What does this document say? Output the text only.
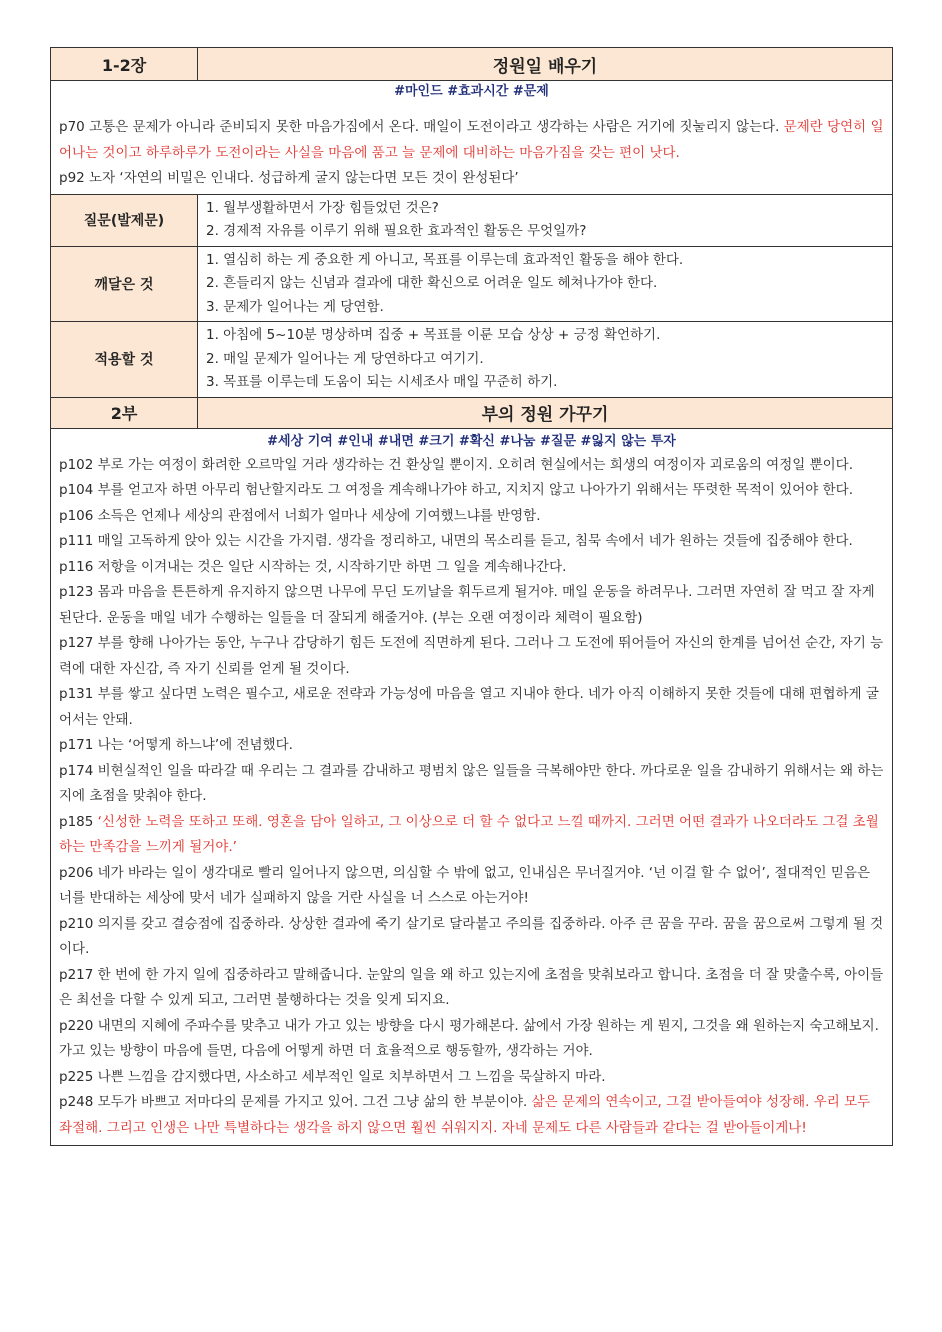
1-2장	정원일 배우기
#마인드 #효과시간 #문제
p70 고통은 문제가 아니라 준비되지 못한 마음가짐에서 온다. 매일이 도전이라고 생각하는 사람은 거기에 짓눌리지 않는다. 문제란 당연히 일어나는 것이고 하루하루가 도전이라는 사실을 마음에 품고 늘 문제에 대비하는 마음가짐을 갖는 편이 낫다.
p92 노자 ‘자연의 비밀은 인내다. 성급하게 굴지 않는다면 모든 것이 완성된다’
질문(발제문)
1. 월부생활하면서 가장 힘들었던 것은?
2. 경제적 자유를 이루기 위해 필요한 효과적인 활동은 무엇일까?
깨달은 것
1. 열심히 하는 게 중요한 게 아니고, 목표를 이루는데 효과적인 활동을 해야 한다.
2. 흔들리지 않는 신념과 결과에 대한 확신으로 어려운 일도 헤쳐나가야 한다.
3. 문제가 일어나는 게 당연함.
적용할 것
1. 아침에 5~10분 명상하며 집중 + 목표를 이룬 모습 상상 + 긍정 확언하기.
2. 매일 문제가 일어나는 게 당연하다고 여기기.
3. 목표를 이루는데 도움이 되는 시세조사 매일 꾸준히 하기.
2부	부의 정원 가꾸기
#세상 기여 #인내 #내면 #크기 #확신 #나눔 #질문 #잃지 않는 투자
p102 부로 가는 여정이 화려한 오르막일 거라 생각하는 건 환상일 뿐이지. 오히려 현실에서는 희생의 여정이자 괴로움의 여정일 뿐이다.
p104 부를 얻고자 하면 아무리 험난할지라도 그 여정을 계속해나가야 하고, 지치지 않고 나아가기 위해서는 뚜렷한 목적이 있어야 한다.
p106 소득은 언제나 세상의 관점에서 너희가 얼마나 세상에 기여했느냐를 반영함.
p111 매일 고독하게 앉아 있는 시간을 가지렴. 생각을 정리하고, 내면의 목소리를 듣고, 침묵 속에서 네가 원하는 것들에 집중해야 한다.
p116 저항을 이겨내는 것은 일단 시작하는 것, 시작하기만 하면 그 일을 계속해나간다.
p123 몸과 마음을 튼튼하게 유지하지 않으면 나무에 무딘 도끼날을 휘두르게 될거야. 매일 운동을 하려무나. 그러면 자연히 잘 먹고 잘 자게 된단다. 운동을 매일 네가 수행하는 일들을 더 잘되게 해줄거야. (부는 오랜 여정이라 체력이 필요함)
p127 부를 향해 나아가는 동안, 누구나 감당하기 힘든 도전에 직면하게 된다. 그러나 그 도전에 뛰어들어 자신의 한계를 넘어선 순간, 자기 능력에 대한 자신감, 즉 자기 신뢰를 얻게 될 것이다.
p131 부를 쌓고 싶다면 노력은 필수고, 새로운 전략과 가능성에 마음을 열고 지내야 한다. 네가 아직 이해하지 못한 것들에 대해 편협하게 굴어서는 안돼.
p171 나는 ‘어떻게 하느냐’에 전념했다.
p174 비현실적인 일을 따라갈 때 우리는 그 결과를 감내하고 평범치 않은 일들을 극복해야만 한다. 까다로운 일을 감내하기 위해서는 왜 하는지에 초점을 맞춰야 한다.
p185 ‘신성한 노력을 또하고 또해. 영혼을 담아 일하고, 그 이상으로 더 할 수 없다고 느낄 때까지. 그러면 어떤 결과가 나오더라도 그걸 초월하는 만족감을 느끼게 될거야.’
p206 네가 바라는 일이 생각대로 빨리 일어나지 않으면, 의심할 수 밖에 없고, 인내심은 무너질거야. ‘넌 이걸 할 수 없어’, 절대적인 믿음은 너를 반대하는 세상에 맞서 네가 실패하지 않을 거란 사실을 너 스스로 아는거야!
p210 의지를 갖고 결승점에 집중하라. 상상한 결과에 죽기 살기로 달라붙고 주의를 집중하라. 아주 큰 꿈을 꾸라. 꿈을 꿈으로써 그렇게 될 것이다.
p217 한 번에 한 가지 일에 집중하라고 말해줍니다. 눈앞의 일을 왜 하고 있는지에 초점을 맞춰보라고 합니다. 초점을 더 잘 맞출수록, 아이들은 최선을 다할 수 있게 되고, 그러면 불행하다는 것을 잊게 되지요.
p220 내면의 지혜에 주파수를 맞추고 내가 가고 있는 방향을 다시 평가해본다. 삶에서 가장 원하는 게 뭔지, 그것을 왜 원하는지 숙고해보지. 가고 있는 방향이 마음에 들면, 다음에 어떻게 하면 더 효율적으로 행동할까, 생각하는 거야.
p225 나쁜 느낌을 감지했다면, 사소하고 세부적인 일로 치부하면서 그 느낌을 묵살하지 마라.
p248 모두가 바쁘고 저마다의 문제를 가지고 있어. 그건 그냥 삶의 한 부분이야. 삶은 문제의 연속이고, 그걸 받아들여야 성장해. 우리 모두 좌절해. 그리고 인생은 나만 특별하다는 생각을 하지 않으면 훨씬 쉬워지지. 자네 문제도 다른 사람들과 같다는 걸 받아들이게나!
